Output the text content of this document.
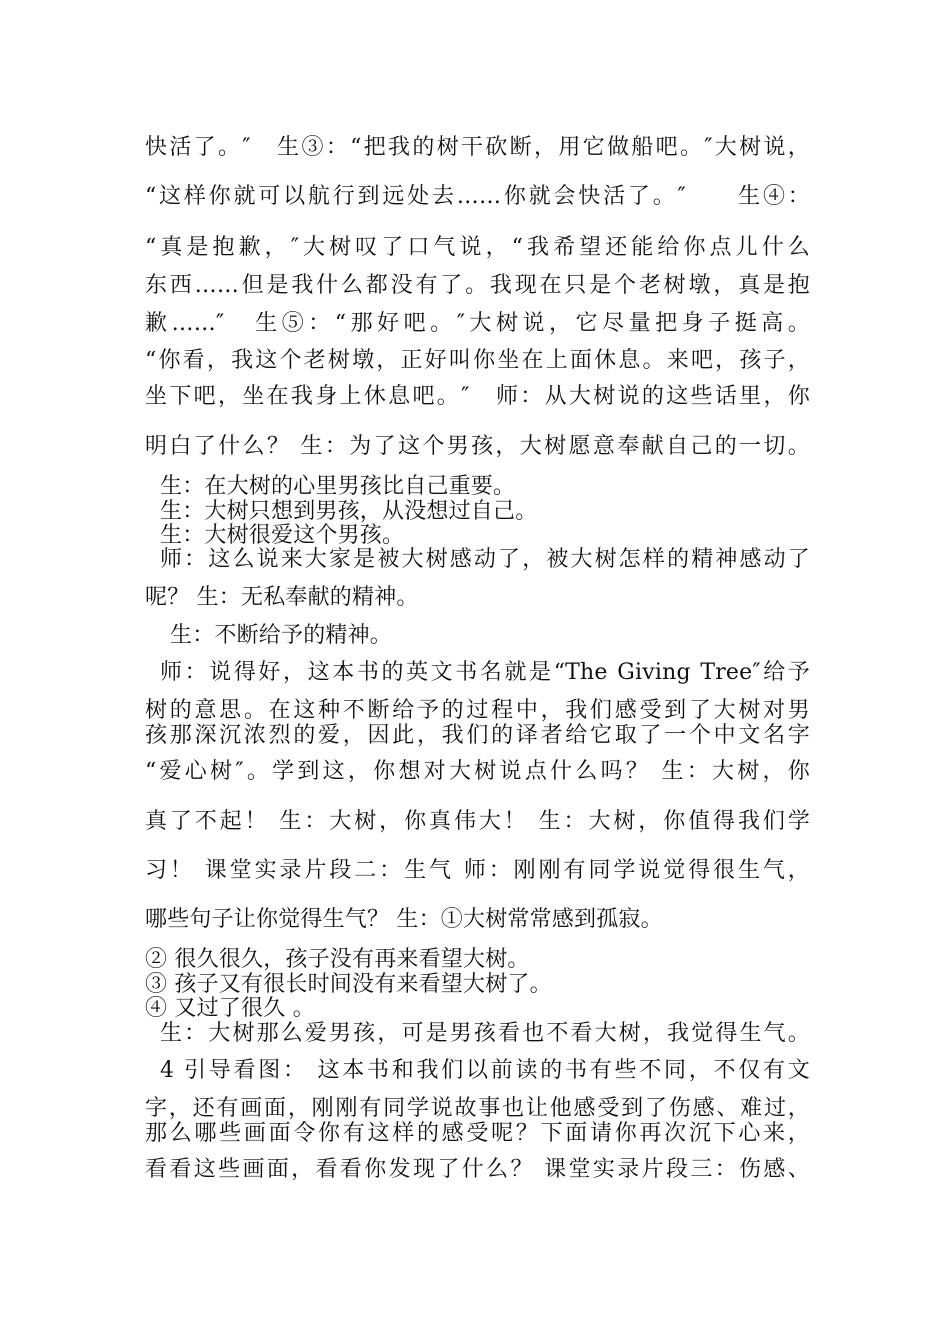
快活了。″　生③：“把我的树干砍断，用它做船吧。″大树说，
“这样你就可以航行到远处去……你就会快活了。″　　生④：
“真是抱歉，″大树叹了口气说，“我希望还能给你点儿什么
东西……但是我什么都没有了。我现在只是个老树墩，真是抱
歉……″　生⑤：“那好吧。″大树说，它尽量把身子挺高。
“你看，我这个老树墩，正好叫你坐在上面休息。来吧，孩子，
坐下吧，坐在我身上休息吧。″　师：从大树说的这些话里，你
明白了什么？ 生：为了这个男孩，大树愿意奉献自己的一切。
生：在大树的心里男孩比自己重要。
生：大树只想到男孩，从没想过自己。
生：大树很爱这个男孩。
师：这么说来大家是被大树感动了，被大树怎样的精神感动了
呢？ 生：无私奉献的精神。
生：不断给予的精神。
师：说得好，这本书的英文书名就是“The Giving Tree″给予
树的意思。在这种不断给予的过程中，我们感受到了大树对男
孩那深沉浓烈的爱，因此，我们的译者给它取了一个中文名字
“爱心树″。学到这，你想对大树说点什么吗？ 生：大树，你
真了不起！ 生：大树，你真伟大！ 生：大树，你值得我们学
习！ 课堂实录片段二：生气 师：刚刚有同学说觉得很生气，
哪些句子让你觉得生气？ 生：①大树常常感到孤寂。
② 很久很久，孩子没有再来看望大树。
③ 孩子又有很长时间没有来看望大树了。
④ 又过了很久 。
生：大树那么爱男孩，可是男孩看也不看大树，我觉得生气。
4 引导看图： 这本书和我们以前读的书有些不同，不仅有文
字，还有画面，刚刚有同学说故事也让他感受到了伤感、难过，
那么哪些画面令你有这样的感受呢？下面请你再次沉下心来，
看看这些画面，看看你发现了什么？ 课堂实录片段三：伤感、
